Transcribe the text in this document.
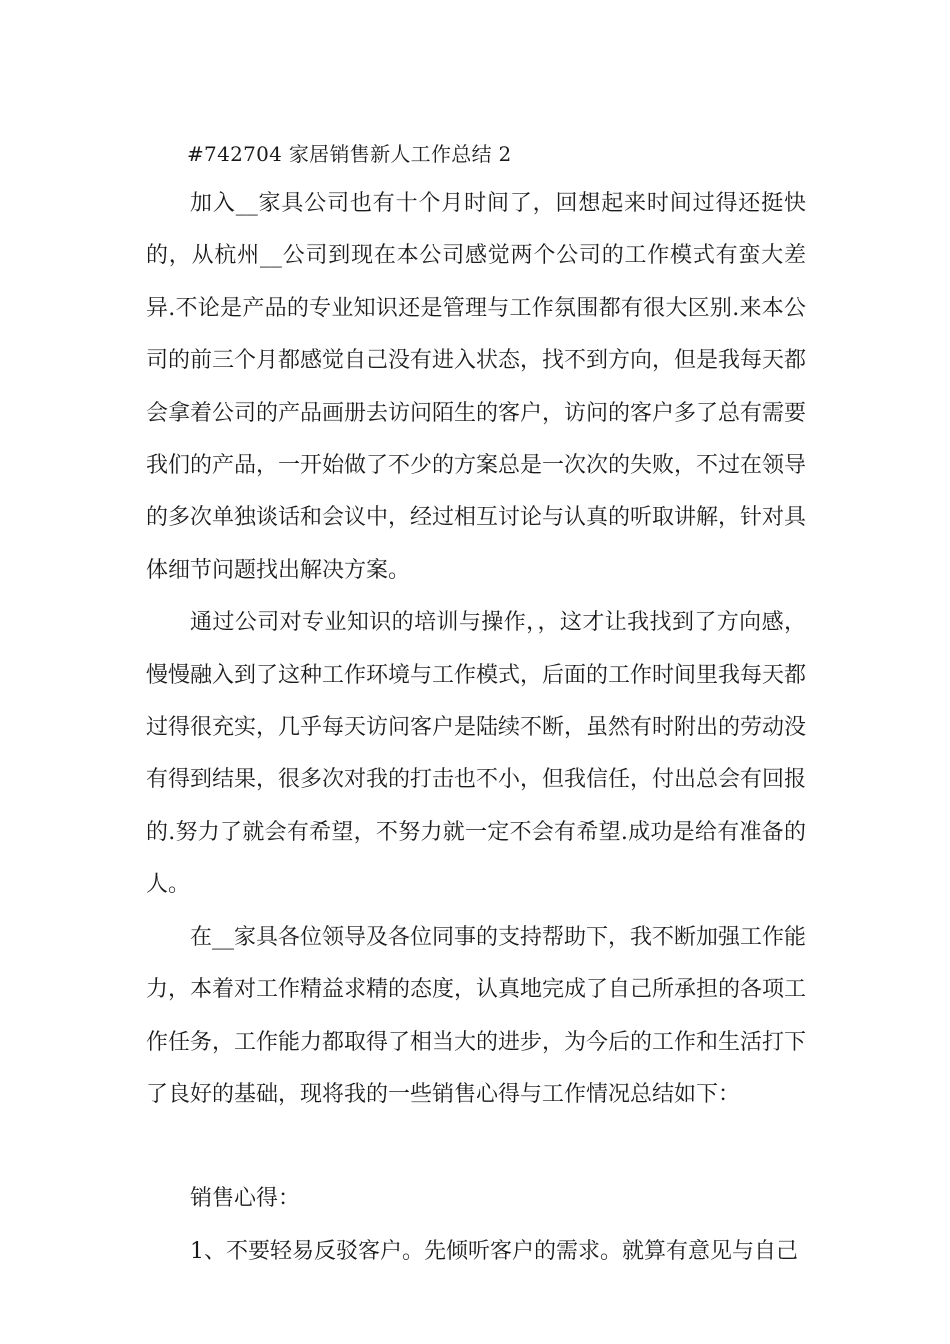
#742704 家居销售新人工作总结 2

加入__家具公司也有十个月时间了，回想起来时间过得还挺快的，从杭州__公司到现在本公司感觉两个公司的工作模式有蛮大差异.不论是产品的专业知识还是管理与工作氛围都有很大区别.来本公司的前三个月都感觉自己没有进入状态，找不到方向，但是我每天都会拿着公司的产品画册去访问陌生的客户，访问的客户多了总有需要我们的产品，一开始做了不少的方案总是一次次的失败，不过在领导的多次单独谈话和会议中，经过相互讨论与认真的听取讲解，针对具体细节问题找出解决方案。

通过公司对专业知识的培训与操作，，这才让我找到了方向感，慢慢融入到了这种工作环境与工作模式，后面的工作时间里我每天都过得很充实，几乎每天访问客户是陆续不断，虽然有时附出的劳动没有得到结果，很多次对我的打击也不小，但我信任，付出总会有回报的.努力了就会有希望，不努力就一定不会有希望.成功是给有准备的人。

在__家具各位领导及各位同事的支持帮助下，我不断加强工作能力，本着对工作精益求精的态度，认真地完成了自己所承担的各项工作任务，工作能力都取得了相当大的进步，为今后的工作和生活打下了良好的基础，现将我的一些销售心得与工作情况总结如下：

销售心得：

1、不要轻易反驳客户。先倾听客户的需求。就算有意见与自己
